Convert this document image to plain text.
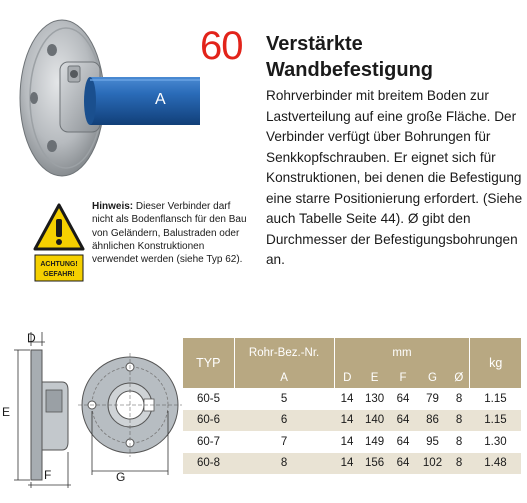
A
60 Verstärkte
Wandbefestigung
Rohrverbinder mit breitem Boden zur Lastverteilung auf eine große Fläche. Der Verbinder verfügt über Bohrungen für Senkkopfschrauben. Er eignet sich für Konstruktionen, bei denen die Befestigung eine starre Positionierung erfordert. (Siehe auch Tabelle Seite 44). Ø gibt den Durchmesser der Befestigungsbohrungen an.
ACHTUNG!
GEFAHR!
Hinweis: Dieser Verbinder darf nicht als Bodenflansch für den Bau von Geländern, Balustraden oder ähnlichen Konstruktionen verwendet werden (siehe Typ 62).
D
E
F	G
TYP	Rohr-Bez.-Nr.	mm					kg
	A	D	E	F	G	Ø	
60-5	5	14	130	64	79	8	1.15
60-6	6	14	140	64	86	8	1.15
60-7	7	14	149	64	95	8	1.30
60-8	8	14	156	64	102	8	1.48
